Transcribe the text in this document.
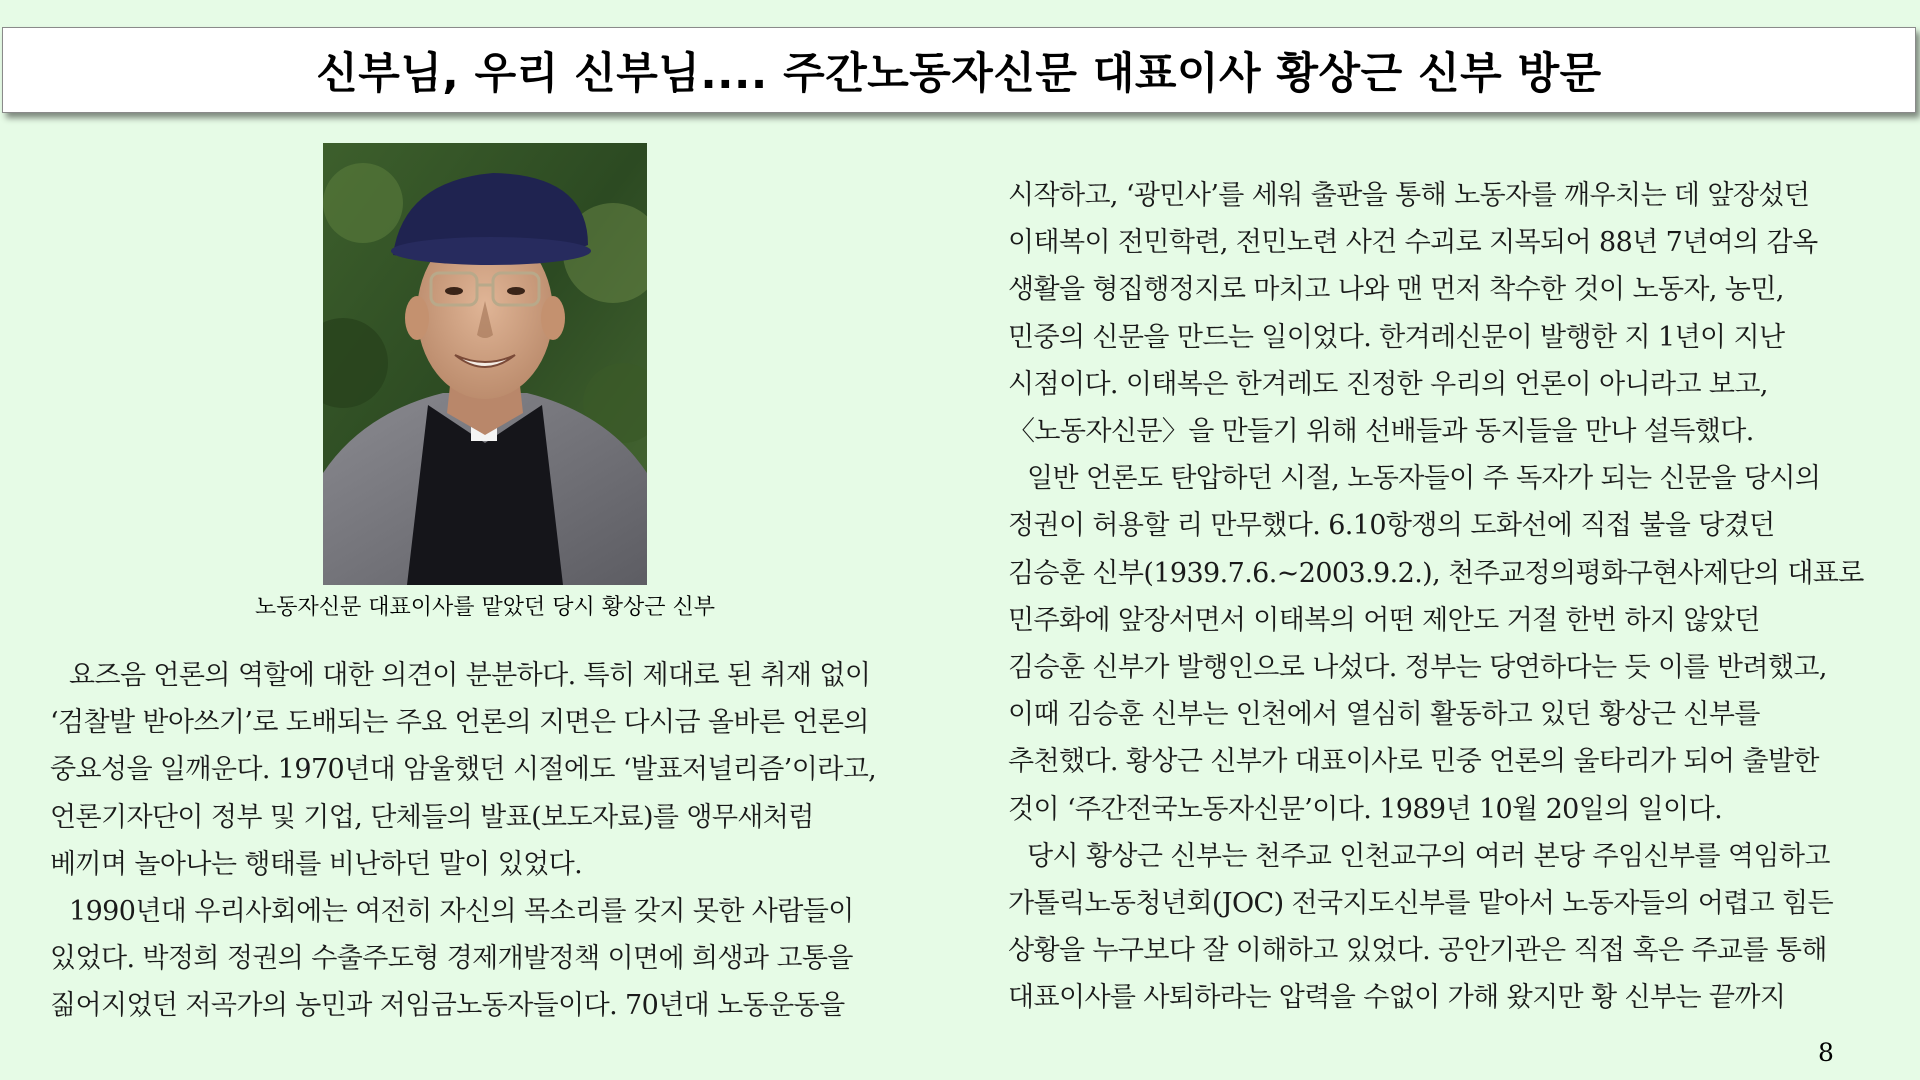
신부님, 우리 신부님.... 주간노동자신문 대표이사 황상근 신부 방문
노동자신문 대표이사를 맡았던 당시 황상근 신부

요즈음 언론의 역할에 대한 의견이 분분하다. 특히 제대로 된 취재 없이

‘검찰발 받아쓰기’로 도배되는 주요 언론의 지면은 다시금 올바른 언론의

중요성을 일깨운다. 1970년대 암울했던 시절에도 ‘발표저널리즘’이라고,

언론기자단이 정부 및 기업, 단체들의 발표(보도자료)를 앵무새처럼

베끼며 놀아나는 행태를 비난하던 말이 있었다.

1990년대 우리사회에는 여전히 자신의 목소리를 갖지 못한 사람들이

있었다. 박정희 정권의 수출주도형 경제개발정책 이면에 희생과 고통을

짊어지었던 저곡가의 농민과 저임금노동자들이다. 70년대 노동운동을

시작하고, ‘광민사’를 세워 출판을 통해 노동자를 깨우치는 데 앞장섰던

이태복이 전민학련, 전민노련 사건 수괴로 지목되어 88년 7년여의 감옥

생활을 형집행정지로 마치고 나와 맨 먼저 착수한 것이 노동자, 농민,

민중의 신문을 만드는 일이었다. 한겨레신문이 발행한 지 1년이 지난

시점이다. 이태복은 한겨레도 진정한 우리의 언론이 아니라고 보고,

〈노동자신문〉을 만들기 위해 선배들과 동지들을 만나 설득했다.

일반 언론도 탄압하던 시절, 노동자들이 주 독자가 되는 신문을 당시의

정권이 허용할 리 만무했다. 6.10항쟁의 도화선에 직접 불을 당겼던

김승훈 신부(1939.7.6.~2003.9.2.), 천주교정의평화구현사제단의 대표로

민주화에 앞장서면서 이태복의 어떤 제안도 거절 한번 하지 않았던

김승훈 신부가 발행인으로 나섰다. 정부는 당연하다는 듯 이를 반려했고,

이때 김승훈 신부는 인천에서 열심히 활동하고 있던 황상근 신부를

추천했다. 황상근 신부가 대표이사로 민중 언론의 울타리가 되어 출발한

것이 ‘주간전국노동자신문’이다. 1989년 10월 20일의 일이다.

당시 황상근 신부는 천주교 인천교구의 여러 본당 주임신부를 역임하고

가톨릭노동청년회(JOC) 전국지도신부를 맡아서 노동자들의 어렵고 힘든

상황을 누구보다 잘 이해하고 있었다. 공안기관은 직접 혹은 주교를 통해

대표이사를 사퇴하라는 압력을 수없이 가해 왔지만 황 신부는 끝까지

8
